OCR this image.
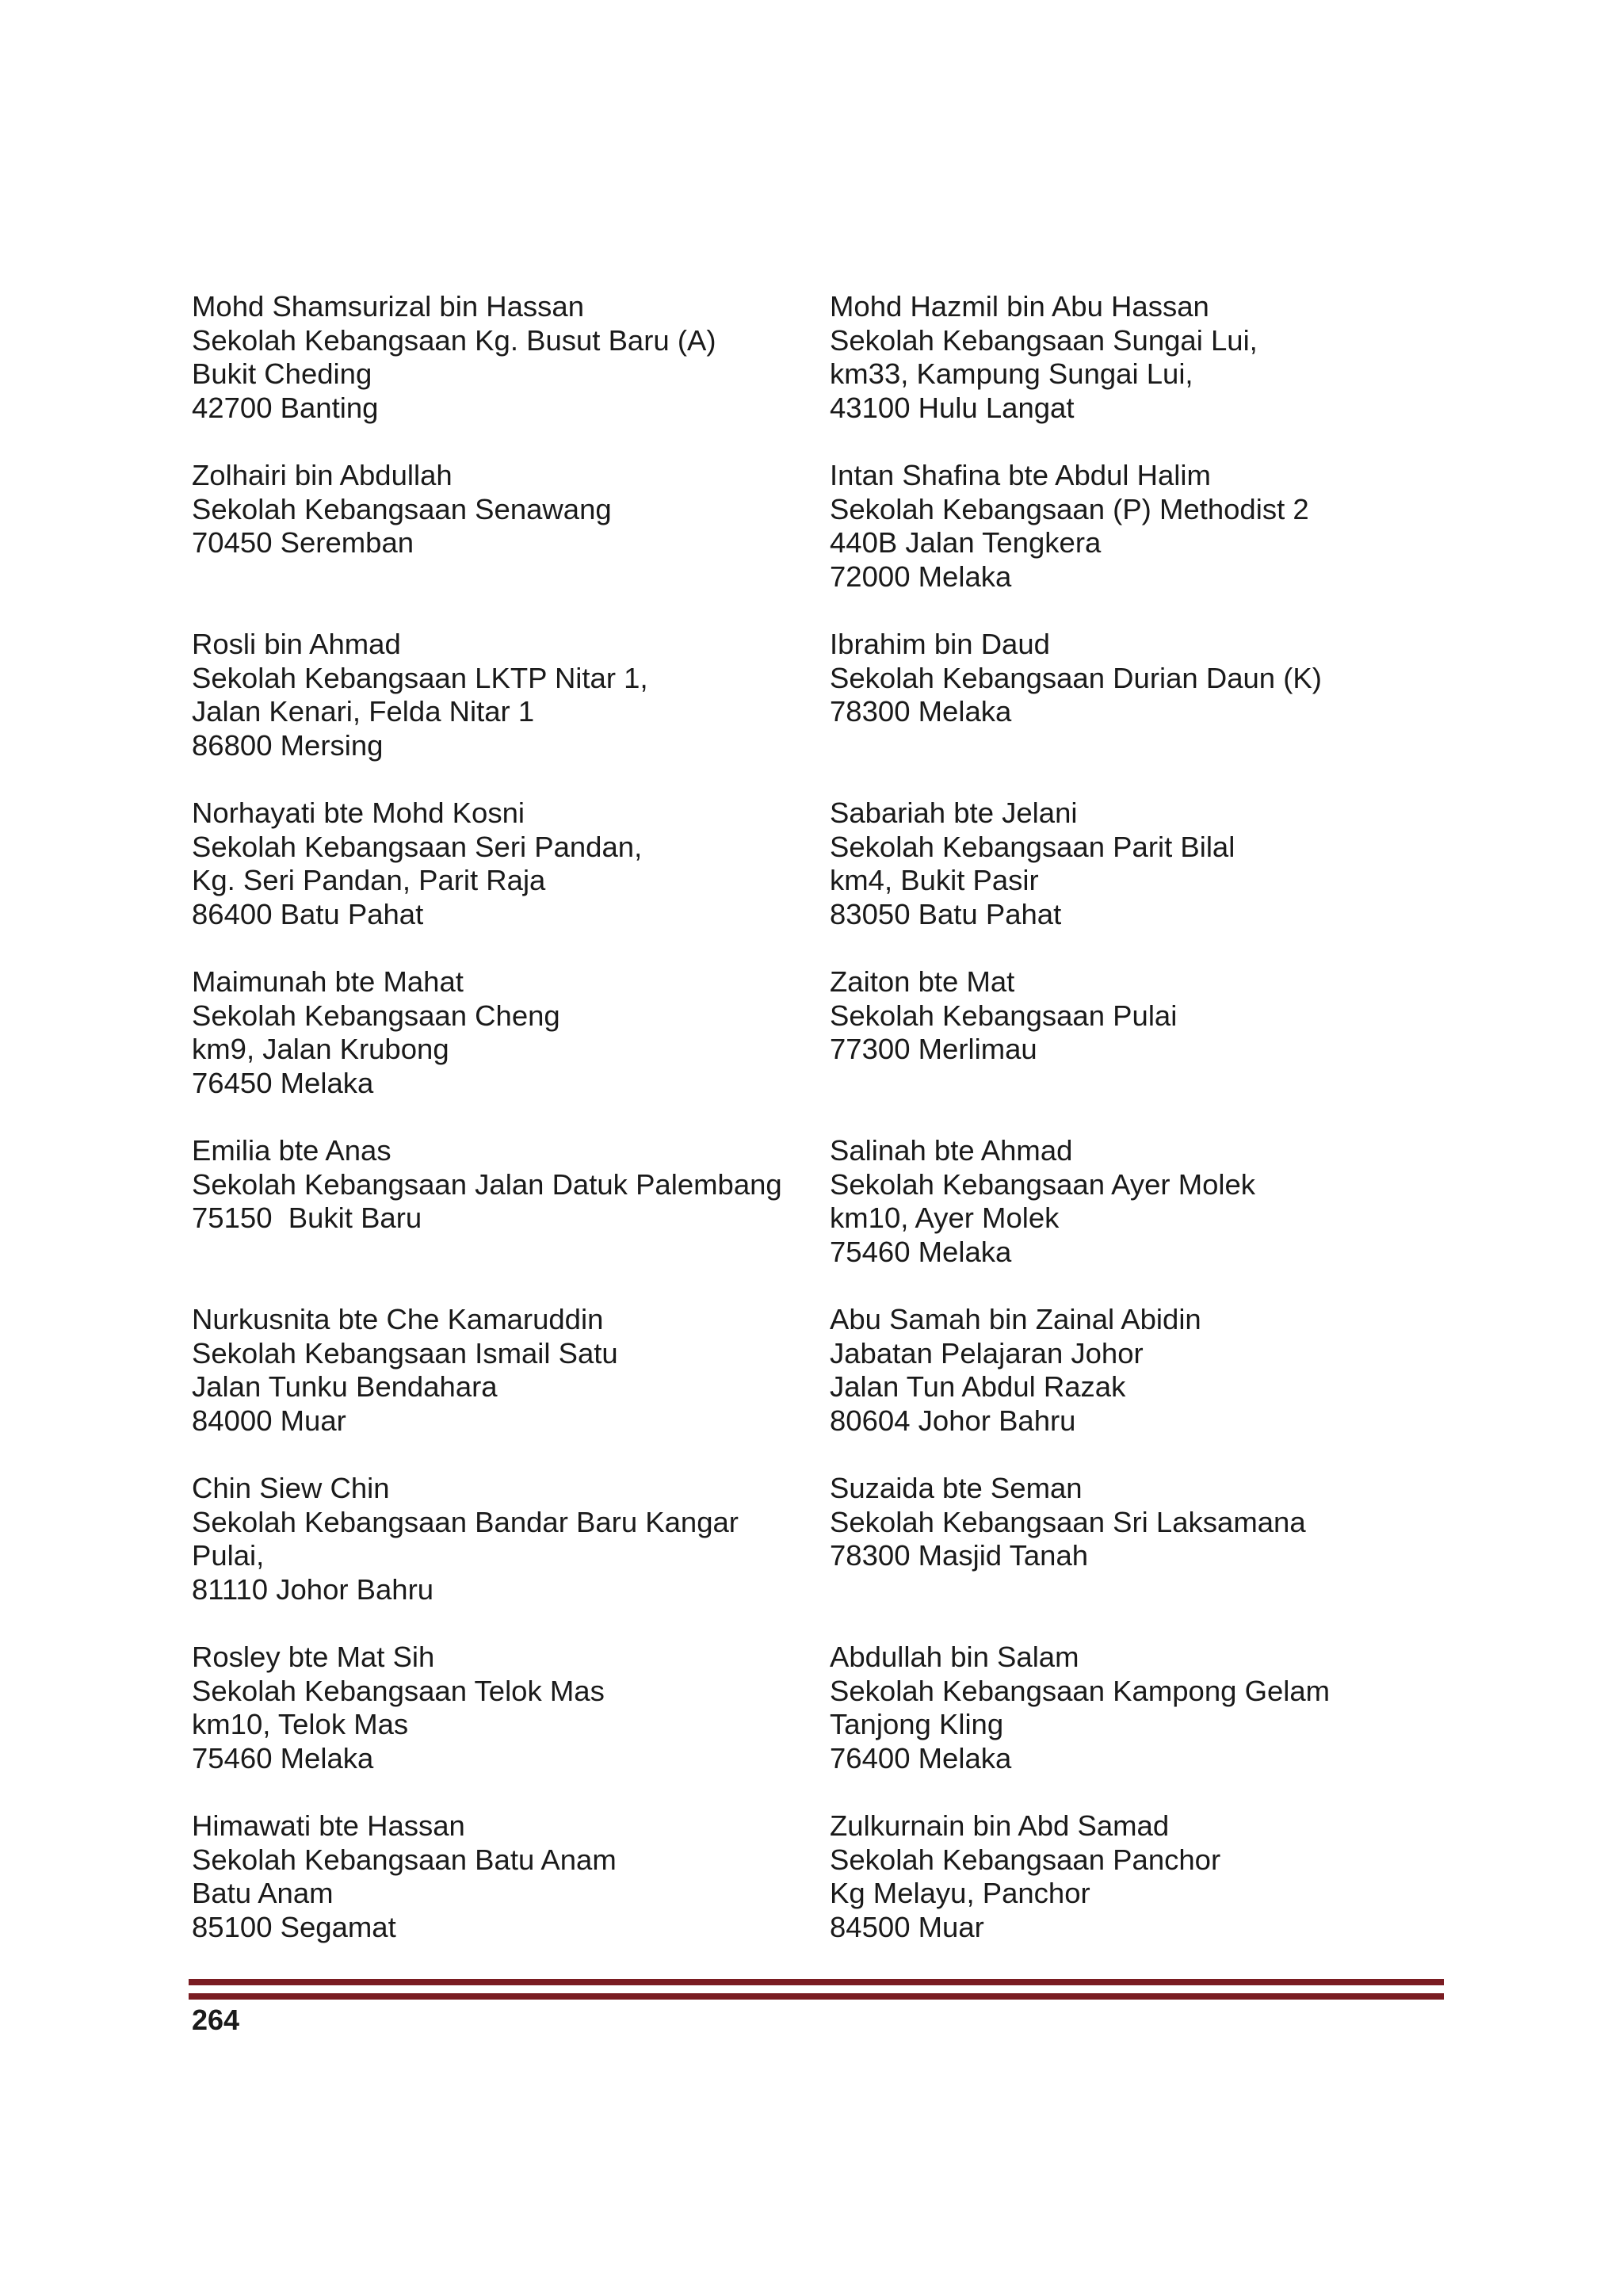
Mohd Shamsurizal bin Hassan
Sekolah Kebangsaan Kg. Busut Baru (A)
Bukit Cheding
42700 Banting
Zolhairi bin Abdullah
Sekolah Kebangsaan Senawang
70450 Seremban
Rosli bin Ahmad
Sekolah Kebangsaan LKTP Nitar 1,
Jalan Kenari, Felda Nitar 1
86800 Mersing
Norhayati bte Mohd Kosni
Sekolah Kebangsaan Seri Pandan,
Kg. Seri Pandan, Parit Raja
86400 Batu Pahat
Maimunah bte Mahat
Sekolah Kebangsaan Cheng
km9, Jalan Krubong
76450 Melaka
Emilia bte Anas
Sekolah Kebangsaan Jalan Datuk Palembang
75150  Bukit Baru
Nurkusnita bte Che Kamaruddin
Sekolah Kebangsaan Ismail Satu
Jalan Tunku Bendahara
84000 Muar
Chin Siew Chin
Sekolah Kebangsaan Bandar Baru Kangar
Pulai,
81110 Johor Bahru
Rosley bte Mat Sih
Sekolah Kebangsaan Telok Mas
km10, Telok Mas
75460 Melaka
Himawati bte Hassan
Sekolah Kebangsaan Batu Anam
Batu Anam
85100 Segamat
Mohd Hazmil bin Abu Hassan
Sekolah Kebangsaan Sungai Lui,
km33, Kampung Sungai Lui,
43100 Hulu Langat
Intan Shafina bte Abdul Halim
Sekolah Kebangsaan (P) Methodist 2
440B Jalan Tengkera
72000 Melaka
Ibrahim bin Daud
Sekolah Kebangsaan Durian Daun (K)
78300 Melaka
Sabariah bte Jelani
Sekolah Kebangsaan Parit Bilal
km4, Bukit Pasir
83050 Batu Pahat
Zaiton bte Mat
Sekolah Kebangsaan Pulai
77300 Merlimau
Salinah bte Ahmad
Sekolah Kebangsaan Ayer Molek
km10, Ayer Molek
75460 Melaka
Abu Samah bin Zainal Abidin
Jabatan Pelajaran Johor
Jalan Tun Abdul Razak
80604 Johor Bahru
Suzaida bte Seman
Sekolah Kebangsaan Sri Laksamana
78300 Masjid Tanah
Abdullah bin Salam
Sekolah Kebangsaan Kampong Gelam
Tanjong Kling
76400 Melaka
Zulkurnain bin Abd Samad
Sekolah Kebangsaan Panchor
Kg Melayu, Panchor
84500 Muar
264
